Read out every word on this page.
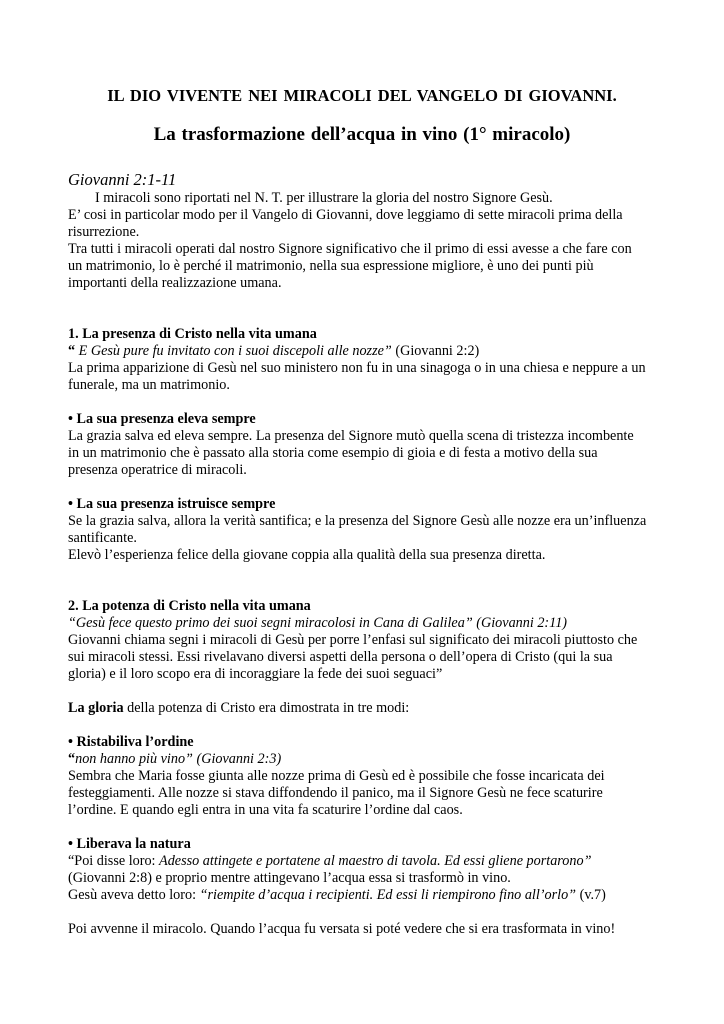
IL DIO VIVENTE NEI MIRACOLI DEL VANGELO DI GIOVANNI.
La trasformazione dell’acqua in vino (1° miracolo)

Giovanni 2:1-11

I miracoli sono riportati nel N. T. per illustrare la gloria del nostro Signore Gesù.

E’ cosi in particolar modo per il Vangelo di Giovanni, dove leggiamo di sette miracoli prima della risurrezione.

Tra tutti i miracoli operati dal nostro Signore significativo che il primo di essi avesse a che fare con un matrimonio, lo è perché il matrimonio, nella sua espressione migliore, è uno dei punti più importanti della realizzazione umana.

1. La presenza di Cristo nella vita umana

“ E Gesù pure fu invitato con i suoi discepoli alle nozze” (Giovanni 2:2)

La prima apparizione di Gesù nel suo ministero non fu in una sinagoga o in una chiesa e neppure a un funerale, ma un matrimonio.

• La sua presenza eleva sempre

La grazia salva ed eleva sempre. La presenza del Signore mutò quella scena di tristezza incombente in un matrimonio che è passato alla storia come esempio di gioia e di festa a motivo della sua presenza operatrice di miracoli.

• La sua presenza istruisce sempre

Se la grazia salva, allora la verità santifica; e la presenza del Signore Gesù alle nozze era un’influenza santificante.

Elevò l’esperienza felice della giovane coppia alla qualità della sua presenza diretta.

2. La potenza di Cristo nella vita umana

“Gesù fece questo primo dei suoi segni miracolosi in Cana di Galilea” (Giovanni 2:11)

Giovanni chiama segni i miracoli di Gesù per porre l’enfasi sul significato dei miracoli piuttosto che sui miracoli stessi. Essi rivelavano diversi aspetti della persona o dell’opera di Cristo (qui la sua gloria) e il loro scopo era di incoraggiare la fede dei suoi seguaci”

La gloria della potenza di Cristo era dimostrata in tre modi:

• Ristabiliva l’ordine

“non hanno più vino” (Giovanni 2:3)

Sembra che Maria fosse giunta alle nozze prima di Gesù ed è possibile che fosse incaricata dei festeggiamenti. Alle nozze si stava diffondendo il panico, ma il Signore Gesù ne fece scaturire l’ordine. E quando egli entra in una vita fa scaturire l’ordine dal caos.

• Liberava la natura

“Poi disse loro: Adesso attingete e portatene al maestro di tavola. Ed essi gliene portarono”

(Giovanni 2:8) e proprio mentre attingevano l’acqua essa si trasformò in vino.

Gesù aveva detto loro: “riempite d’acqua i recipienti. Ed essi li riempirono fino all’orlo” (v.7)

Poi avvenne il miracolo. Quando l’acqua fu versata si poté vedere che si era trasformata in vino!
